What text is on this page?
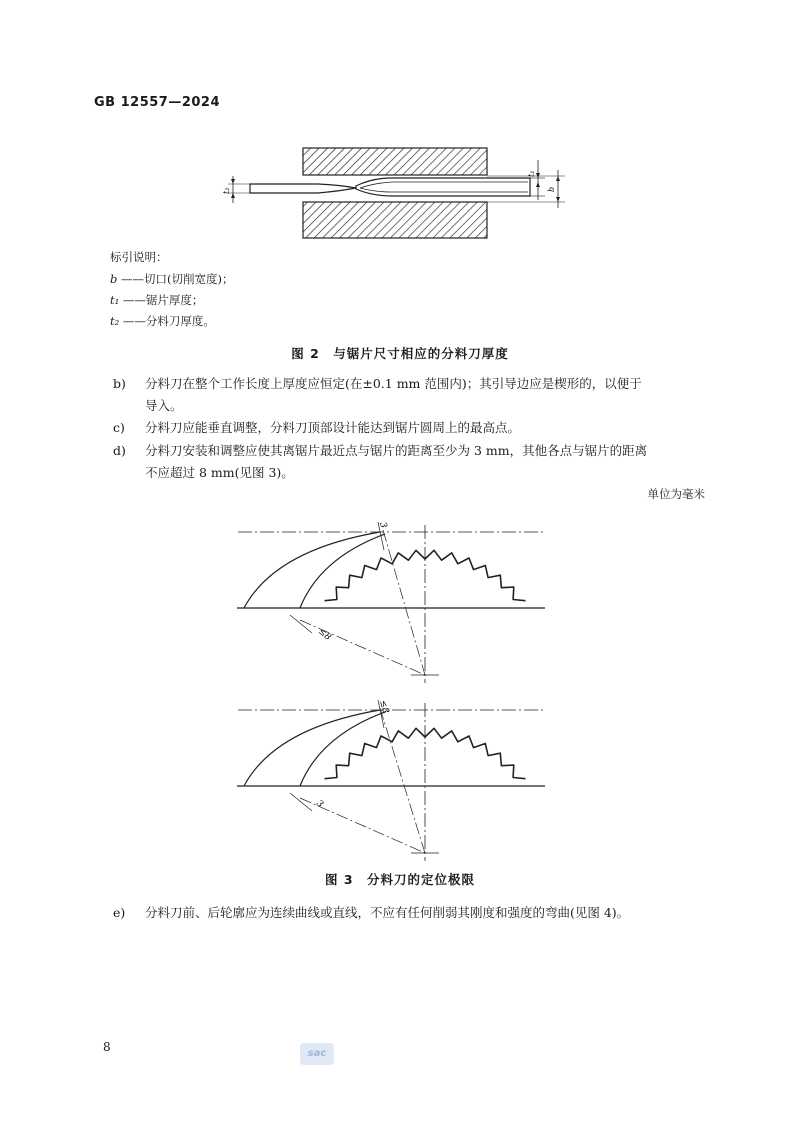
GB 12557—2024
t₂
t₁
b
标引说明：
b ——切口(切削宽度)；
t₁ ——锯片厚度；
t₂ ——分料刀厚度。
图 2　与锯片尺寸相应的分料刀厚度
b)	分料刀在整个工作长度上厚度应恒定(在±0.1 mm 范围内)；其引导边应是楔形的，以便于
导入。
c)	分料刀应能垂直调整，分料刀顶部设计能达到锯片圆周上的最高点。
d)	分料刀安装和调整应使其离锯片最近点与锯片的距离至少为 3 mm，其他各点与锯片的距离
不应超过 8 mm(见图 3)。
单位为毫米
≤8
3
3
≤8
图 3　分料刀的定位极限
e)	分料刀前、后轮廓应为连续曲线或直线，不应有任何削弱其刚度和强度的弯曲(见图 4)。
8	sac
